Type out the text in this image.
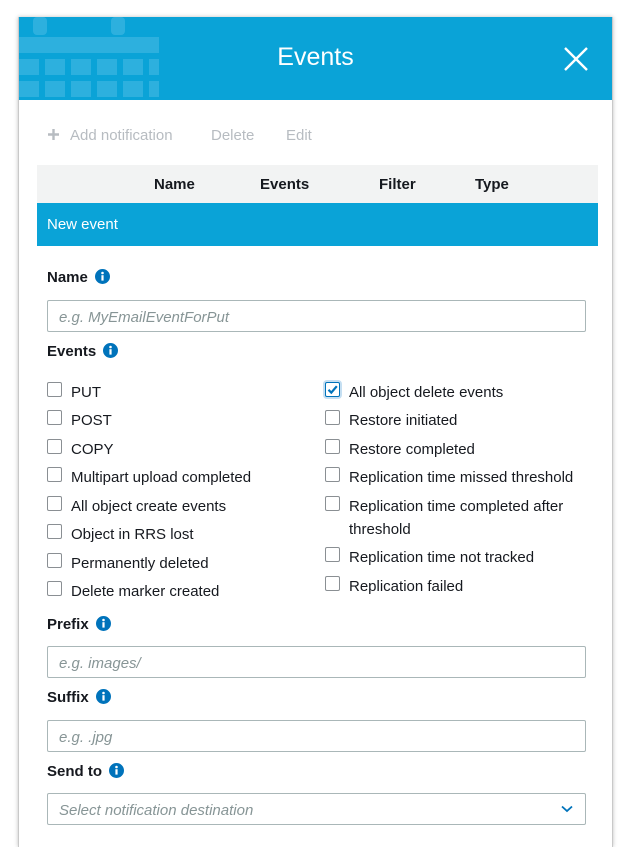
Events
Add notification	Delete Edit
Name	Events	Filter	Type
New event
Name
e.g. MyEmailEventForPut
Events
PUT
POST
COPY
Multipart upload completed
All object create events
Object in RRS lost
Permanently deleted
Delete marker created
All object delete events
Restore initiated
Restore completed
Replication time missed threshold
Replication time completed after
threshold
Replication time not tracked
Replication failed
Prefix
e.g. images/
Suffix
e.g. .jpg
Send to
Select notification destination
